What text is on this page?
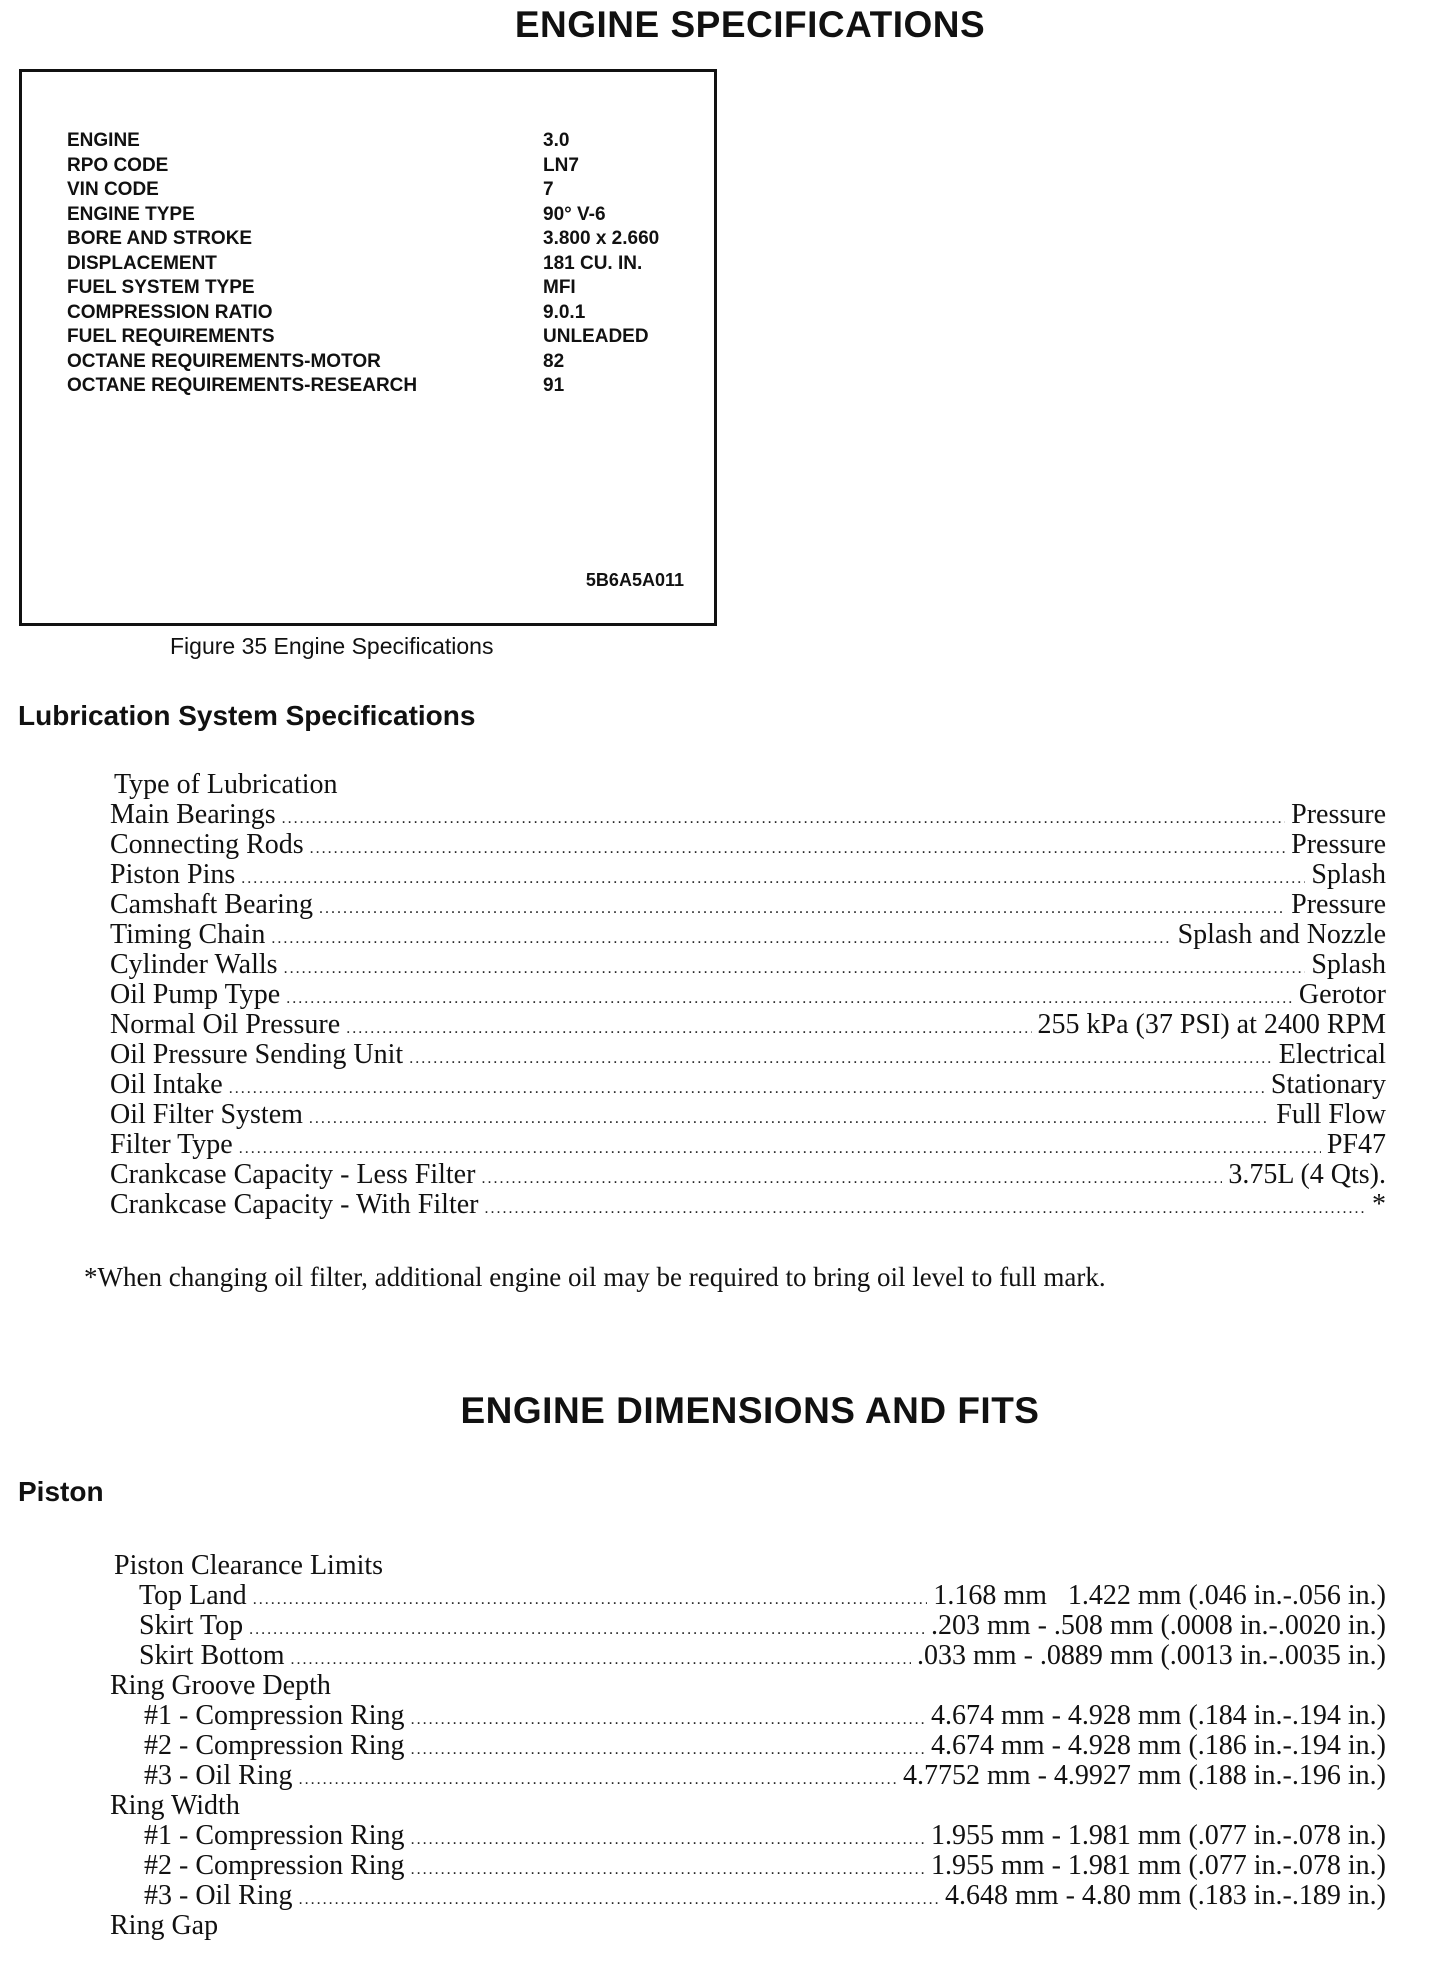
ENGINE SPECIFICATIONS
ENGINE	3.0
RPO CODE	LN7
VIN CODE	7
ENGINE TYPE	90° V-6
BORE AND STROKE	3.800 x 2.660
DISPLACEMENT	181 CU. IN.
FUEL SYSTEM TYPE	MFI
COMPRESSION RATIO	9.0.1
FUEL REQUIREMENTS	UNLEADED
OCTANE REQUIREMENTS-MOTOR	82
OCTANE REQUIREMENTS-RESEARCH	91
5B6A5A011
Figure 35 Engine Specifications
Lubrication System Specifications
Type of Lubrication
Main Bearings .....	Pressure
Connecting Rods .....	Pressure
Piston Pins .....	Splash
Camshaft Bearing .....	Pressure
Timing Chain .....	Splash and Nozzle
Cylinder Walls .....	Splash
Oil Pump Type .....	Gerotor
Normal Oil Pressure .....	255 kPa (37 PSI) at 2400 RPM
Oil Pressure Sending Unit .....	Electrical
Oil Intake .....	Stationary
Oil Filter System .....	Full Flow
Filter Type .....	PF47
Crankcase Capacity - Less Filter .....	3.75L (4 Qts).
Crankcase Capacity - With Filter .....	*
*When changing oil filter, additional engine oil may be required to bring oil level to full mark.
ENGINE DIMENSIONS AND FITS
Piston
Piston Clearance Limits
Top Land .....	1.168 mm   1.422 mm (.046 in.-.056 in.)
Skirt Top .....	.203 mm - .508 mm (.0008 in.-.0020 in.)
Skirt Bottom .....	.033 mm - .0889 mm (.0013 in.-.0035 in.)
Ring Groove Depth
#1 - Compression Ring .....	4.674 mm - 4.928 mm (.184 in.-.194 in.)
#2 - Compression Ring .....	4.674 mm - 4.928 mm (.186 in.-.194 in.)
#3 - Oil Ring .....	4.7752 mm - 4.9927 mm (.188 in.-.196 in.)
Ring Width
#1 - Compression Ring .....	1.955 mm - 1.981 mm (.077 in.-.078 in.)
#2 - Compression Ring .....	1.955 mm - 1.981 mm (.077 in.-.078 in.)
#3 - Oil Ring .....	4.648 mm - 4.80 mm (.183 in.-.189 in.)
Ring Gap
